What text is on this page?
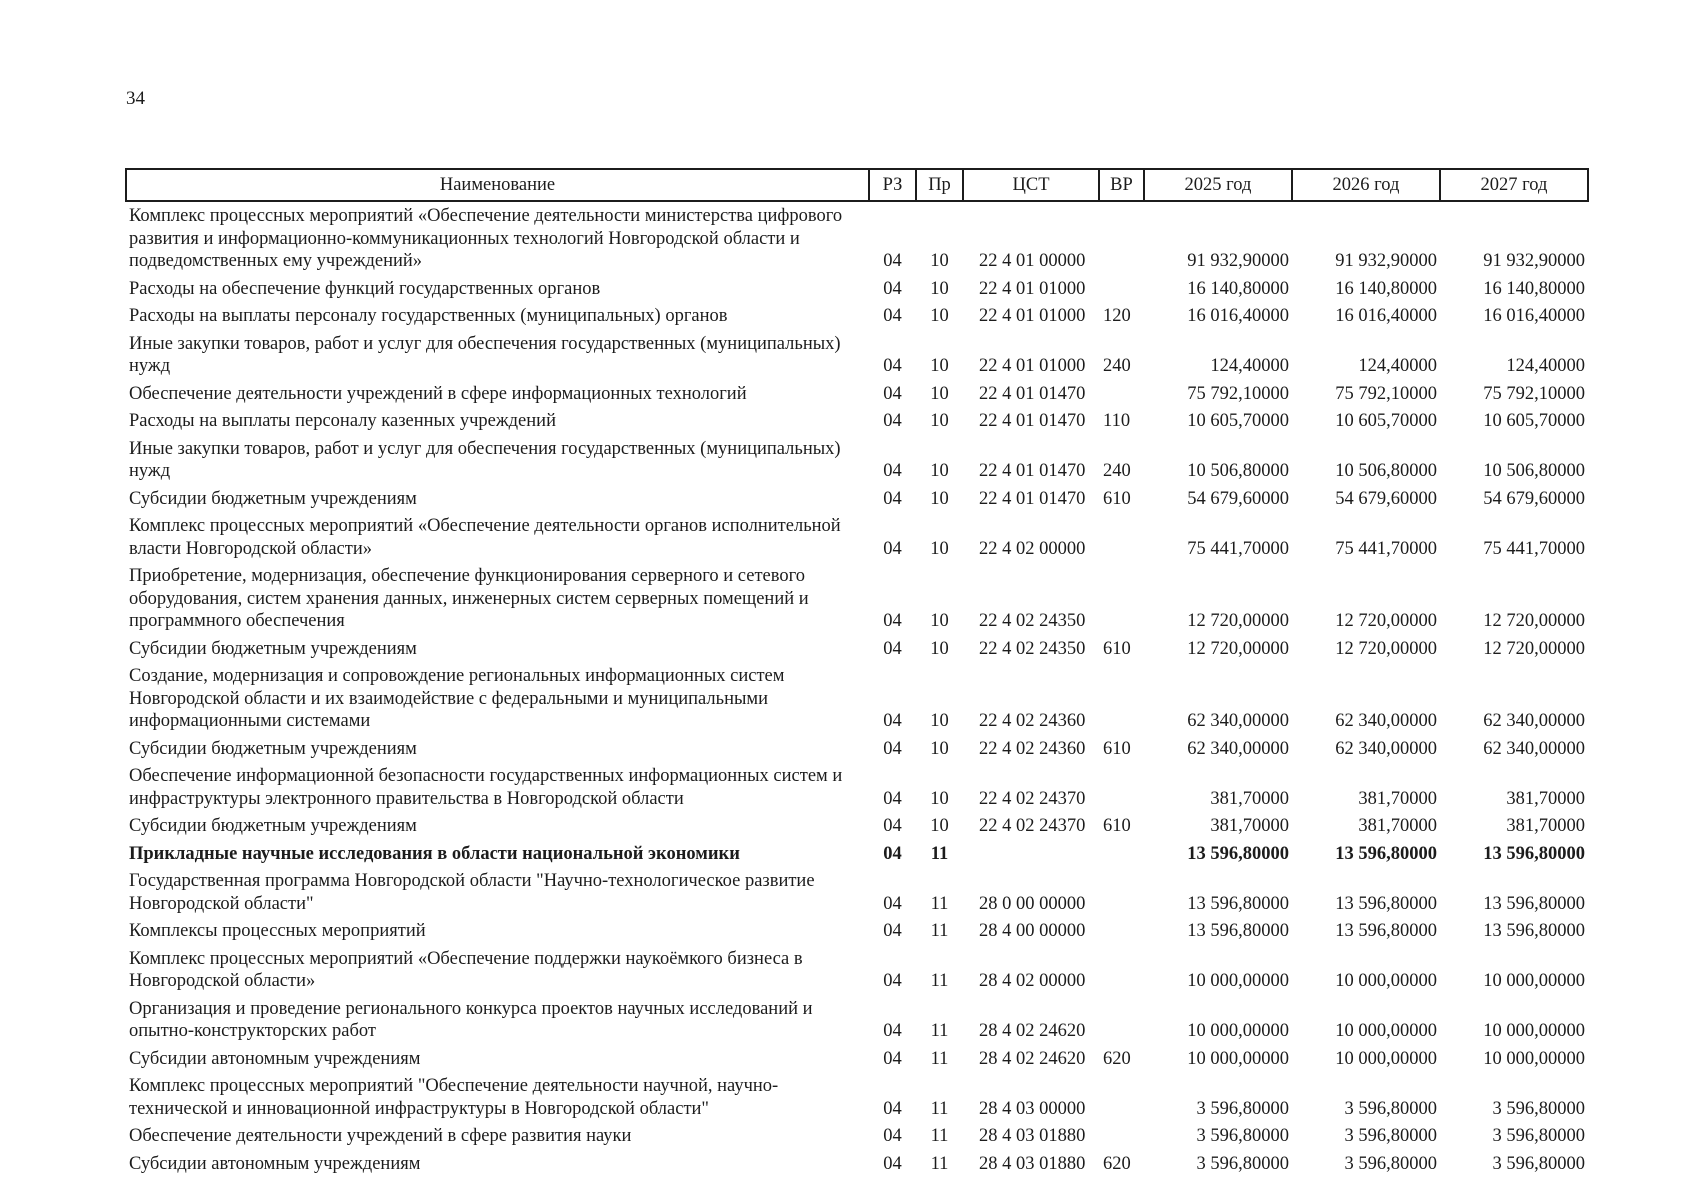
34
Наименование	РЗ	Пр	ЦСТ	ВР	2025 год	2026 год	2027 год
Комплекс процессных мероприятий «Обеспечение деятельности министерства цифрового развития и информационно-коммуникационных технологий Новгородской области и подведомственных ему учреждений»	04	10	22 4 01 00000		91 932,90000	91 932,90000	91 932,90000
Расходы на обеспечение функций государственных органов	04	10	22 4 01 01000		16 140,80000	16 140,80000	16 140,80000
Расходы на выплаты персоналу государственных (муниципальных) органов	04	10	22 4 01 01000	120	16 016,40000	16 016,40000	16 016,40000
Иные закупки товаров, работ и услуг для обеспечения государственных (муниципальных) нужд	04	10	22 4 01 01000	240	124,40000	124,40000	124,40000
Обеспечение деятельности учреждений в сфере информационных технологий	04	10	22 4 01 01470		75 792,10000	75 792,10000	75 792,10000
Расходы на выплаты персоналу казенных учреждений	04	10	22 4 01 01470	110	10 605,70000	10 605,70000	10 605,70000
Иные закупки товаров, работ и услуг для обеспечения государственных (муниципальных) нужд	04	10	22 4 01 01470	240	10 506,80000	10 506,80000	10 506,80000
Субсидии бюджетным учреждениям	04	10	22 4 01 01470	610	54 679,60000	54 679,60000	54 679,60000
Комплекс процессных мероприятий «Обеспечение деятельности органов исполнительной власти Новгородской области»	04	10	22 4 02 00000		75 441,70000	75 441,70000	75 441,70000
Приобретение, модернизация, обеспечение функционирования серверного и сетевого оборудования, систем хранения данных, инженерных систем серверных помещений и программного обеспечения	04	10	22 4 02 24350		12 720,00000	12 720,00000	12 720,00000
Субсидии бюджетным учреждениям	04	10	22 4 02 24350	610	12 720,00000	12 720,00000	12 720,00000
Создание, модернизация и сопровождение региональных информационных систем Новгородской области и их взаимодействие с федеральными и муниципальными информационными системами	04	10	22 4 02 24360		62 340,00000	62 340,00000	62 340,00000
Субсидии бюджетным учреждениям	04	10	22 4 02 24360	610	62 340,00000	62 340,00000	62 340,00000
Обеспечение информационной безопасности государственных информационных систем и инфраструктуры электронного правительства в Новгородской области	04	10	22 4 02 24370		381,70000	381,70000	381,70000
Субсидии бюджетным учреждениям	04	10	22 4 02 24370	610	381,70000	381,70000	381,70000
Прикладные научные исследования в области национальной экономики	04	11			13 596,80000	13 596,80000	13 596,80000
Государственная программа Новгородской области "Научно-технологическое развитие Новгородской области"	04	11	28 0 00 00000		13 596,80000	13 596,80000	13 596,80000
Комплексы процессных мероприятий	04	11	28 4 00 00000		13 596,80000	13 596,80000	13 596,80000
Комплекс процессных мероприятий «Обеспечение поддержки наукоёмкого бизнеса в Новгородской области»	04	11	28 4 02 00000		10 000,00000	10 000,00000	10 000,00000
Организация и проведение регионального конкурса проектов научных исследований и опытно-конструкторских работ	04	11	28 4 02 24620		10 000,00000	10 000,00000	10 000,00000
Субсидии автономным учреждениям	04	11	28 4 02 24620	620	10 000,00000	10 000,00000	10 000,00000
Комплекс процессных мероприятий "Обеспечение деятельности научной, научно-технической и инновационной инфраструктуры в Новгородской области"	04	11	28 4 03 00000		3 596,80000	3 596,80000	3 596,80000
Обеспечение деятельности учреждений в сфере развития науки	04	11	28 4 03 01880		3 596,80000	3 596,80000	3 596,80000
Субсидии автономным учреждениям	04	11	28 4 03 01880	620	3 596,80000	3 596,80000	3 596,80000
